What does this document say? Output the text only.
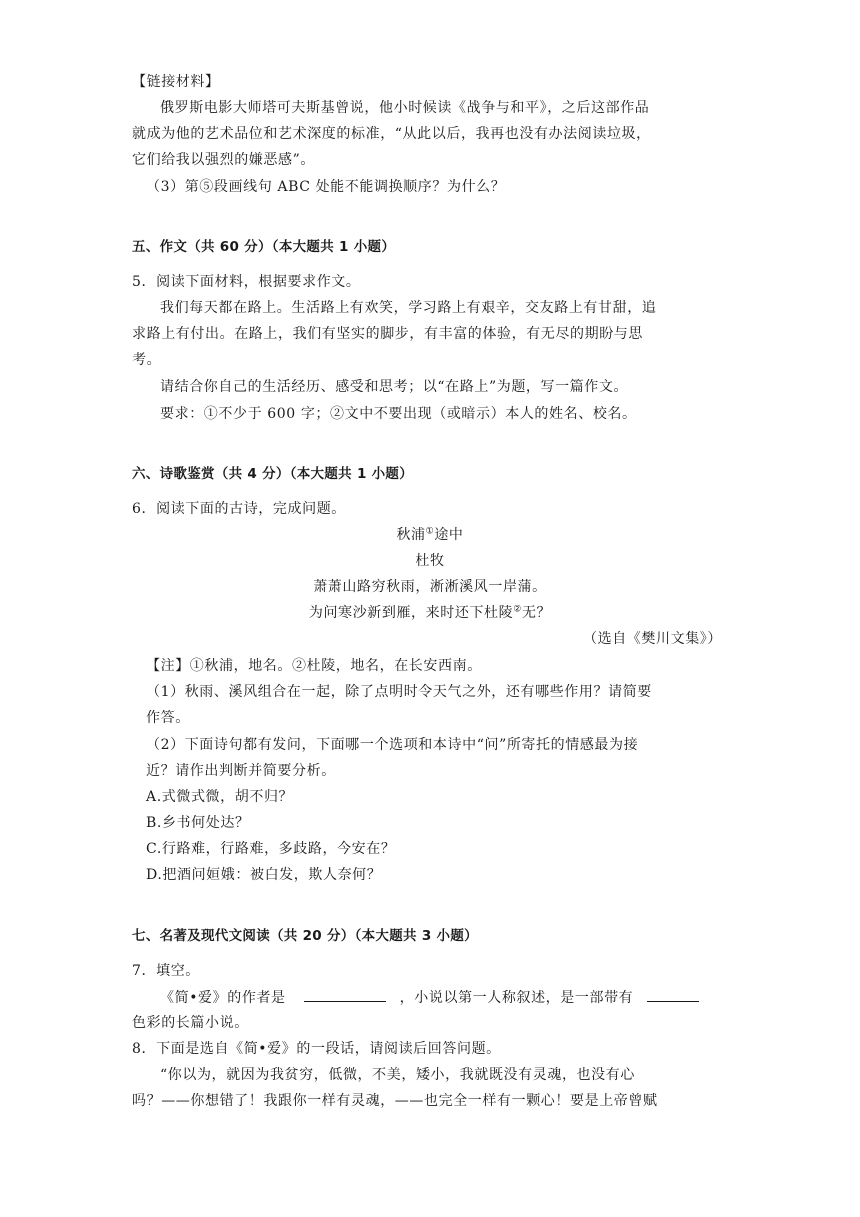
【链接材料】
俄罗斯电影大师塔可夫斯基曾说，他小时候读《战争与和平》，之后这部作品
就成为他的艺术品位和艺术深度的标准，“从此以后，我再也没有办法阅读垃圾，
它们给我以强烈的嫌恶感”。
（3）第⑤段画线句 ABC 处能不能调换顺序？为什么？
五、作文（共 60 分）（本大题共 1 小题）
5．阅读下面材料，根据要求作文。
我们每天都在路上。生活路上有欢笑，学习路上有艰辛，交友路上有甘甜，追
求路上有付出。在路上，我们有坚实的脚步，有丰富的体验，有无尽的期盼与思
考。
请结合你自己的生活经历、感受和思考；以“在路上”为题，写一篇作文。
要求：①不少于 600 字；②文中不要出现（或暗示）本人的姓名、校名。
六、诗歌鉴赏（共 4 分）（本大题共 1 小题）
6．阅读下面的古诗，完成问题。
秋浦①途中
杜牧
萧萧山路穷秋雨，淅淅溪风一岸蒲。
为问寒沙新到雁，来时还下杜陵②无？
（选自《樊川文集》）
【注】①秋浦，地名。②杜陵，地名，在长安西南。
（1）秋雨、溪风组合在一起，除了点明时令天气之外，还有哪些作用？请简要
作答。
（2）下面诗句都有发问，下面哪一个选项和本诗中“问”所寄托的情感最为接
近？请作出判断并简要分析。
A.式微式微，胡不归？
B.乡书何处达？
C.行路难，行路难，多歧路，今安在？
D.把酒问姮娥：被白发，欺人奈何？
七、名著及现代文阅读（共 20 分）（本大题共 3 小题）
7．填空。
《简•爱》的作者是	，小说以第一人称叙述，是一部带有
色彩的长篇小说。
8．下面是选自《简•爱》的一段话，请阅读后回答问题。
“你以为，就因为我贫穷，低微，不美，矮小，我就既没有灵魂，也没有心
吗？——你想错了！我跟你一样有灵魂，——也完全一样有一颗心！要是上帝曾赋
